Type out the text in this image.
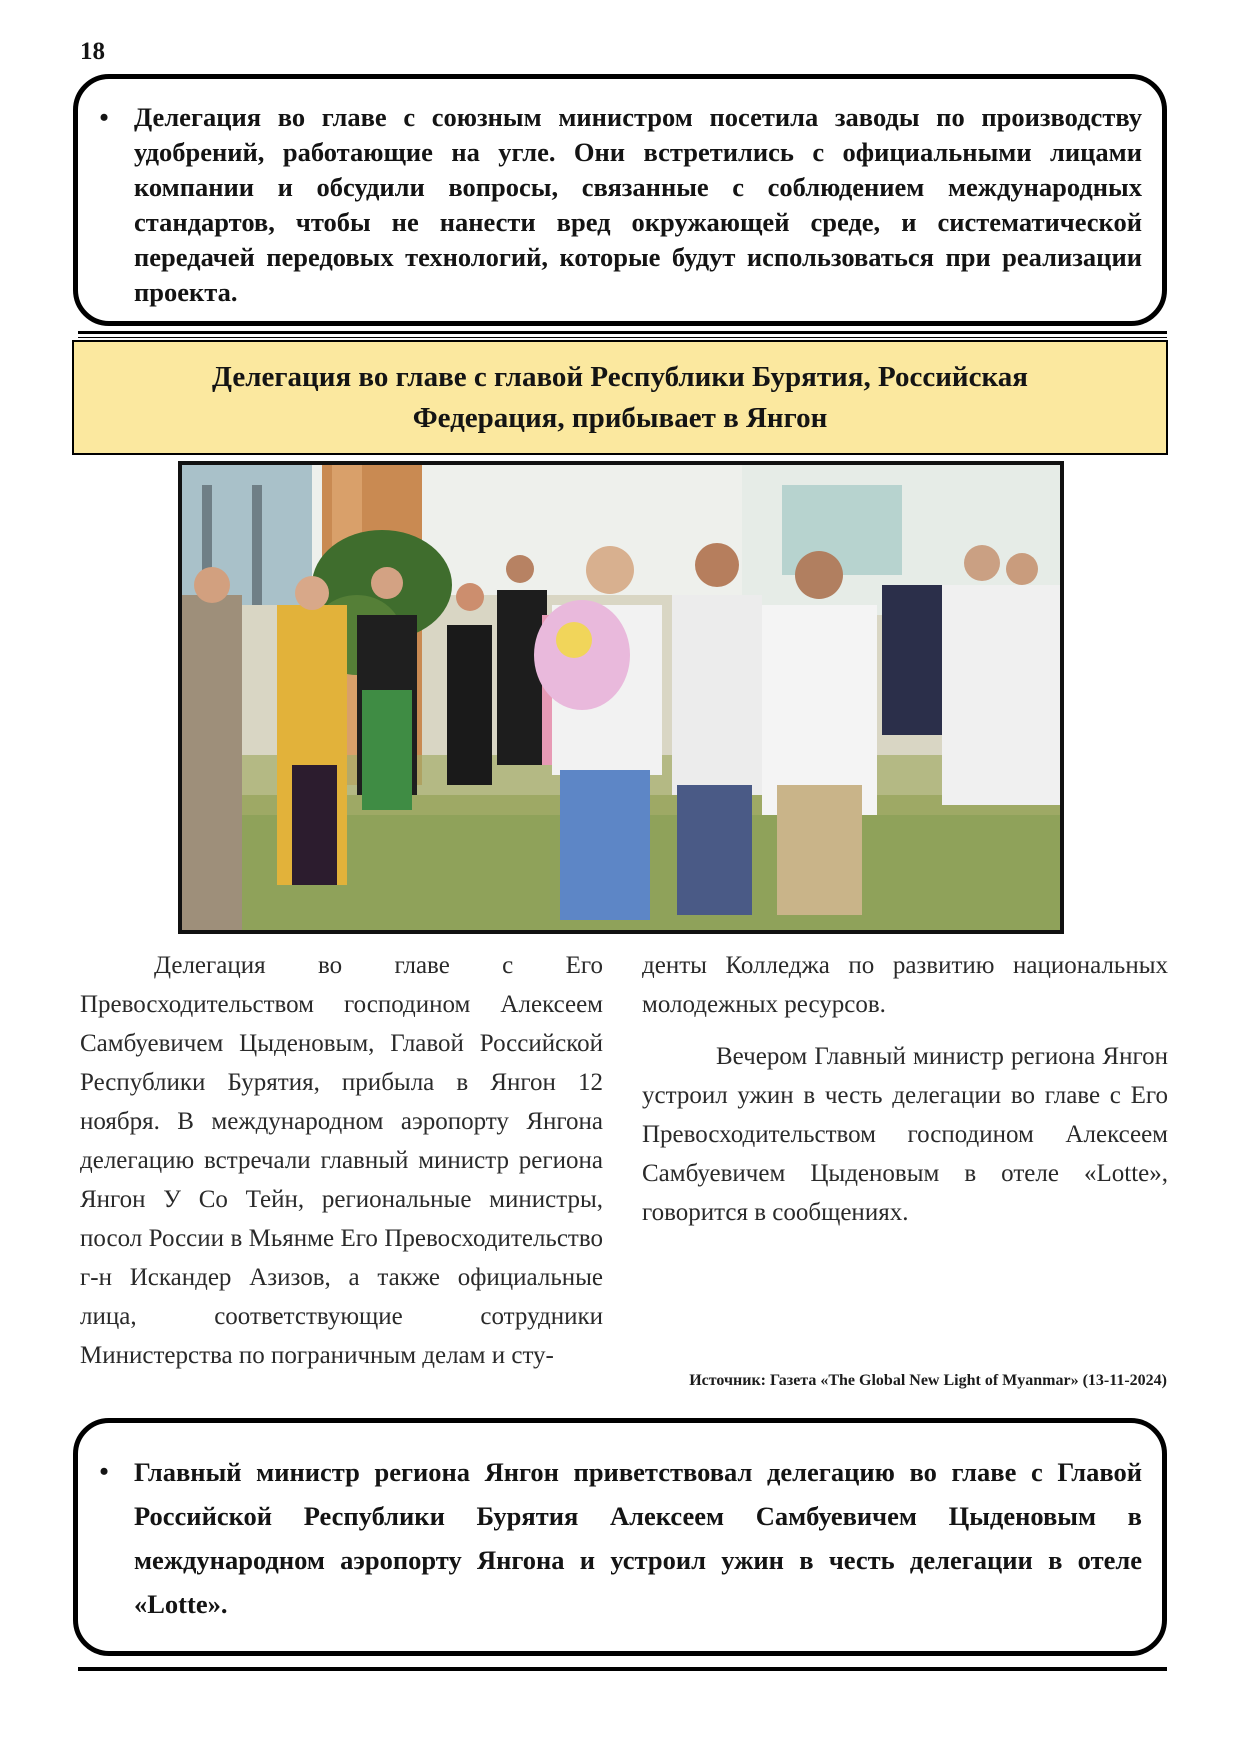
18
• Делегация во главе с союзным министром посетила заводы по производству удобрений, работающие на угле. Они встретились с официальными лицами компании и обсудили вопросы, связанные с соблюдением международных стандартов, чтобы не нанести вред окружающей среде, и систематической передачей передовых технологий, которые будут использоваться при реализации проекта.
Делегация во главе с главой Республики Бурятия, Российская Федерация, прибывает в Янгон

Делегация во главе с Его Превосходительством господином Алексеем Самбуевичем Цыденовым, Главой Российской Республики Бурятия, прибыла в Янгон 12 ноября. В международном аэропорту Янгона делегацию встречали главный министр региона Янгон У Со Тейн, региональные министры, посол России в Мьянме Его Превосходительство г-н Искандер Азизов, а также официальные лица, соответствующие сотрудники Министерства по пограничным делам и сту-

денты Колледжа по развитию национальных молодежных ресурсов.

Вечером Главный министр региона Янгон устроил ужин в честь делегации во главе с Его Превосходительством господином Алексеем Самбуевичем Цыденовым в отеле «Lotte», говорится в сообщениях.

Источник: Газета «The Global New Light of Myanmar» (13-11-2024)
• Главный министр региона Янгон приветствовал делегацию во главе с Главой Российской Республики Бурятия Алексеем Самбуевичем Цыденовым в международном аэропорту Янгона и устроил ужин в честь делегации в отеле «Lotte».
